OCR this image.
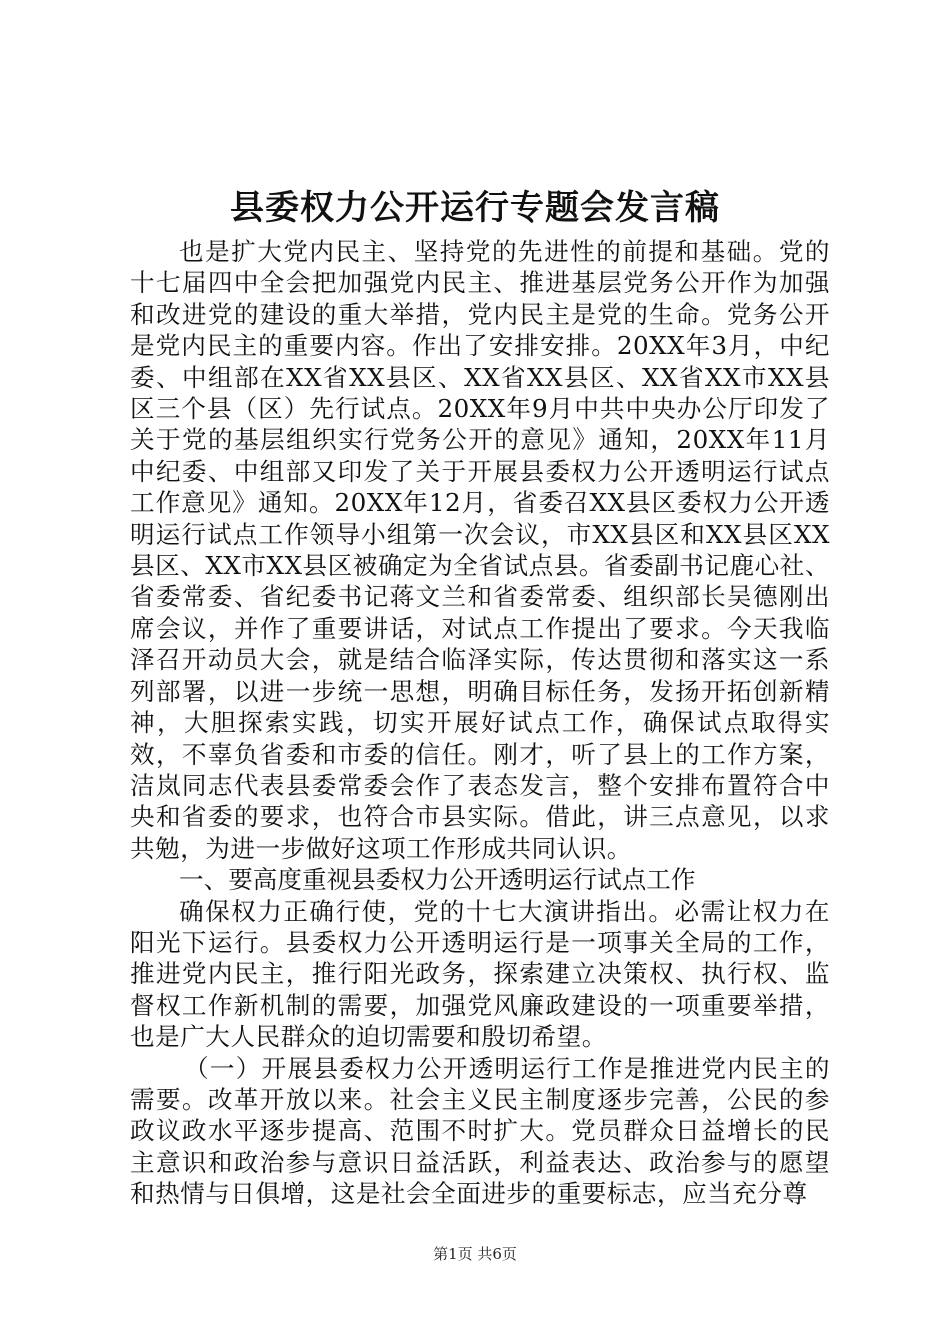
县委权力公开运行专题会发言稿

也是扩大党内民主、坚持党的先进性的前提和基础。党的十七届四中全会把加强党内民主、推进基层党务公开作为加强和改进党的建设的重大举措，党内民主是党的生命。党务公开是党内民主的重要内容。作出了安排安排。20XX年3月，中纪委、中组部在XX省XX县区、XX省XX县区、XX省XX市XX县区三个县（区）先行试点。20XX年9月中共中央办公厅印发了关于党的基层组织实行党务公开的意见》通知，20XX年11月中纪委、中组部又印发了关于开展县委权力公开透明运行试点工作意见》通知。20XX年12月，省委召XX县区委权力公开透明运行试点工作领导小组第一次会议，市XX县区和XX县区XX县区、XX市XX县区被确定为全省试点县。省委副书记鹿心社、省委常委、省纪委书记蒋文兰和省委常委、组织部长吴德刚出席会议，并作了重要讲话，对试点工作提出了要求。今天我临泽召开动员大会，就是结合临泽实际，传达贯彻和落实这一系列部署，以进一步统一思想，明确目标任务，发扬开拓创新精神，大胆探索实践，切实开展好试点工作，确保试点取得实效，不辜负省委和市委的信任。刚才，听了县上的工作方案，洁岚同志代表县委常委会作了表态发言，整个安排布置符合中央和省委的要求，也符合市县实际。借此，讲三点意见，以求共勉，为进一步做好这项工作形成共同认识。

一、要高度重视县委权力公开透明运行试点工作

确保权力正确行使，党的十七大演讲指出。必需让权力在阳光下运行。县委权力公开透明运行是一项事关全局的工作，推进党内民主，推行阳光政务，探索建立决策权、执行权、监督权工作新机制的需要，加强党风廉政建设的一项重要举措，也是广大人民群众的迫切需要和殷切希望。

（一）开展县委权力公开透明运行工作是推进党内民主的需要。改革开放以来。社会主义民主制度逐步完善，公民的参政议政水平逐步提高、范围不时扩大。党员群众日益增长的民主意识和政治参与意识日益活跃，利益表达、政治参与的愿望和热情与日俱增，这是社会全面进步的重要标志，应当充分尊

第1页 共6页
